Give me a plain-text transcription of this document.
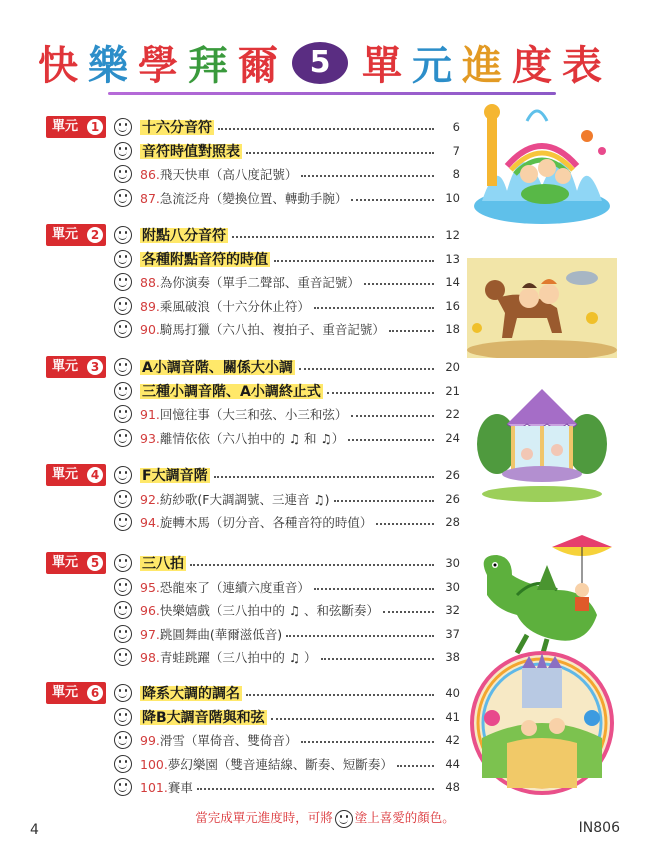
快樂學拜爾 5 單元進度表
單元	1	十六分音符	6
音符時值對照表	7
86.飛天快車（高八度記號）	8
87.急流泛舟（變換位置、轉動手腕）	10
單元	2	附點八分音符	12
各種附點音符的時值	13
88.為你演奏（單手二聲部、重音記號）	14
89.乘風破浪（十六分休止符）	16
90.騎馬打獵（六八拍、複拍子、重音記號）	18
單元	3	A小調音階、關係大小調	20
三種小調音階、A小調終止式	21
91.回憶往事（大三和弦、小三和弦）	22
93.離情依依（六八拍中的 ♫ 和 ♫）	24
單元	4	F大調音階	26
92.紡紗歌(F大調調號、三連音 ♫)	26
94.旋轉木馬（切分音、各種音符的時值）	28
單元	5	三八拍	30
95.恐龍來了（連續六度重音）	30
96.快樂嬉戲（三八拍中的 ♫ 、和弦斷奏）	32
97.跳圓舞曲(華爾滋低音)	37
98.青蛙跳躍（三八拍中的 ♫ ）	38
單元	6	降系大調的調名	40
降B大調音階與和弦	41
99.滑雪（單倚音、雙倚音）	42
100.夢幻樂園（雙音連結線、斷奏、短斷奏）	44
101.賽車	48
當完成單元進度時，可將 塗上喜愛的顏色。
4	IN806
